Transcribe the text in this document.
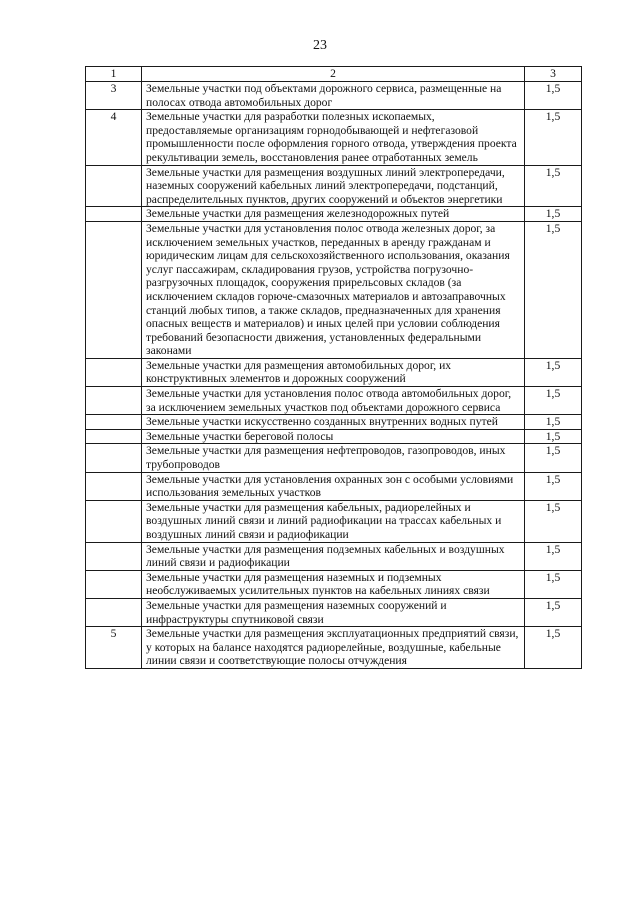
23
1	2	3
3	Земельные участки под объектами дорожного сервиса, размещенные на полосах отвода автомобильных дорог	1,5
4	Земельные участки для разработки полезных ископаемых, предоставляемые организациям горнодобывающей и нефтегазовой промышленности после оформления горного отвода, утверждения проекта рекультивации земель, восстановления ранее отработанных земель	1,5
	Земельные участки для размещения воздушных линий электропередачи, наземных сооружений кабельных линий электропередачи, подстанций, распределительных пунктов, других сооружений и объектов энергетики	1,5
	Земельные участки для размещения железнодорожных путей	1,5
	Земельные участки для установления полос отвода железных дорог, за исключением земельных участков, переданных в аренду гражданам и юридическим лицам для сельскохозяйственного использования, оказания услуг пассажирам, складирования грузов, устройства погрузочно-разгрузочных площадок, сооружения прирельсовых складов (за исключением складов горюче-смазочных материалов и автозаправочных станций любых типов, а также складов, предназначенных для хранения опасных веществ и материалов) и иных целей при условии соблюдения требований безопасности движения, установленных федеральными законами	1,5
	Земельные участки для размещения автомобильных дорог, их конструктивных элементов и дорожных сооружений	1,5
	Земельные участки для установления полос отвода автомобильных дорог, за исключением земельных участков под объектами дорожного сервиса	1,5
	Земельные участки искусственно созданных внутренних водных путей	1,5
	Земельные участки береговой полосы	1,5
	Земельные участки для размещения нефтепроводов, газопроводов, иных трубопроводов	1,5
	Земельные участки для установления охранных зон с особыми условиями использования земельных участков	1,5
	Земельные участки для размещения кабельных, радиорелейных и воздушных линий связи и линий радиофикации на трассах кабельных и воздушных линий связи и радиофикации	1,5
	Земельные участки для размещения подземных кабельных и воздушных линий связи и радиофикации	1,5
	Земельные участки для размещения наземных и подземных необслуживаемых усилительных пунктов на кабельных линиях связи	1,5
	Земельные участки для размещения наземных сооружений и инфраструктуры спутниковой связи	1,5
5	Земельные участки для размещения эксплуатационных предприятий связи, у которых на балансе находятся радиорелейные, воздушные, кабельные линии связи и соответствующие полосы отчуждения	1,5
